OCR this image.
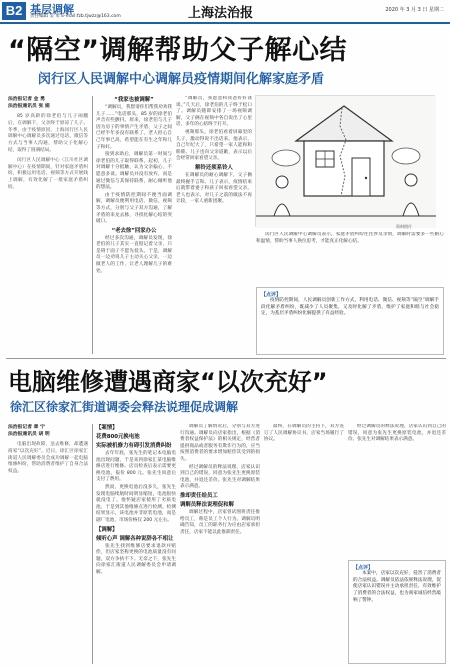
B2 基层调解
责任编辑 吴 勇 E-mail:fzb.tjwzz@163.com	上海法治报	2020 年 3 月 3 日 星期二
“隔空”调解帮助父子解心结
闵行区人民调解中心调解员疫情期间化解家庭矛盾
法治报记者 金 勇
法治报通讯员 张 娟
85 岁高龄的徐老伯与儿子闹翻后，在调解下，父亲终于原谅了儿子。冬季，由于疫情原因，上海闵行区人民调解中心调解员多次通过电话、微信等方式与当事人沟通，帮助父子化解心结，取得了圆满结局。
闵行区人民调解中心（江川社区调解中心）在疫情期间，针对家庭矛盾纠纷，积极运用电话、视频等方式开展线上调解，有效化解了一批家庭矛盾纠纷。
“我家也被调解”

“调解员，我想请你们帮我劝劝我儿子……”电话那头，85 岁的徐老伯声音有些颤抖。原来，徐老伯与儿子因为房子的事情产生矛盾，父子之间已经半年多没有联系了。老人担心自己年事已高，希望能在有生之年和儿子和好。

接到求助后，调解员第一时间与徐老伯的儿子取得联系。起初，儿子对调解十分抵触，认为父亲偏心，不愿意多谈。调解员并没有放弃，而是通过微信与其保持联系，耐心倾听他的想法。

由于疫情防控期间不便当面调解，调解员便利用电话、微信、视频等方式，分别与父子双方沟通，了解矛盾的来龙去脉，寻找化解心结的突破口。

“老去徐”回家办公

经过多次沟通，调解员发现，徐老伯的儿子其实一直惦记着父亲，只是碍于面子不愿先低头。于是，调解员一边劝说儿子主动关心父亲，一边做老人的工作，让老人理解儿子的难处。

“调解员，我愿意和我爸好好谈谈。”几天后，徐老伯的儿子终于松口了。调解员随即安排了一场视频调解，父子俩在视频中各自说出了心里话，多年的心结终于打开。

视频那头，徐老伯看着屏幕里的儿子，激动得说不出话来。他表示，自己年纪大了，只希望一家人能和和睦睦。儿子也向父亲道歉，表示以后会经常回家看望父亲。

解铃还须系铃人

在调解员的耐心调解下，父子俩最终握手言和。儿子表示，疫情结束后就带着妻子和孩子回家看望父亲。老人也表示，对儿子之前的做法不再计较，一家人重新团聚。

资料图片

闵行区人民调解中心调解员表示，家庭矛盾纠纷往往涉及亲情，调解时需要多一些耐心和温情，帮助当事人换位思考，才能真正化解心结。

【点评】
疫情防控期间，人民调解员创新工作方式，利用电话、微信、视频等“隔空”调解手段化解矛盾纠纷，既减少了人员聚集，又及时化解了矛盾，维护了家庭和睦与社会稳定，为基层矛盾纠纷化解提供了有益经验。
电脑维修遭遇商家“以次充好”
徐汇区徐家汇街道调委会释法说理促成调解
法治报记者 章 宁
法治报通讯员 胡 明
电脑出现故障，送去维修，却遭遇商家“以次充好”。近日，徐汇区徐家汇街道人民调解委员会成功调解一起电脑维修纠纷，帮助消费者维护了自身合法权益。
【案情】
花费800元换电池
实际被机修力有碍引发消费纠纷

去年年底，张先生的笔记本电脑电池出现问题，于是来到徐家汇某电脑维修店进行维修。店员检查后表示需要更换电池，报价 800 元。张先生同意后支付了费用。

然而，更换电池后没多久，张先生发现电脑续航时间明显缩短，电池很快就没电了。他怀疑店家使用了劣质电池，于是到其他维修点进行检测。检测结果显示，该电池并非原装电池，而是副厂电池，市场价格仅 200 元左右。

【调解】
倾听心声 调解各种说辞各不相让

张先生找到维修店要求退款并赔偿，但店家坚称更换的电池质量没有问题，双方争执不下。无奈之下，张先生向徐家汇街道人民调解委员会申请调解。

调解员了解情况后，分别与双方进行沟通。调解员向店家指出，根据《消费者权益保护法》的相关规定，经营者提供商品或者服务有欺诈行为的，应当按照消费者的要求增加赔偿其受到的损失。

经过调解员的释法说理，店家认识到自己的错误，同意为张先生更换原装电池，并退还差价。张先生对调解结果表示满意。

推却责任给员工
调解员释法说理促和解

调解过程中，店家曾试图将责任推给员工，称是员工个人行为。调解员明确告知，员工的职务行为应由店家承担责任，店家不能以此推卸责任。

最终，在调解员的主持下，双方签订了人民调解协议书，店家当场履行了协议。

经过调解员的释法说理，店家认识到自己的错误，同意为张先生更换原装电池，并退还差价。张先生对调解结果表示满意。

【点评】
本案中，店家以次充好，侵害了消费者的合法权益。调解员依法依规释法说理，促使店家认识错误并主动承担责任，有效维护了消费者的合法权益，也为商家诚信经营敲响了警钟。
